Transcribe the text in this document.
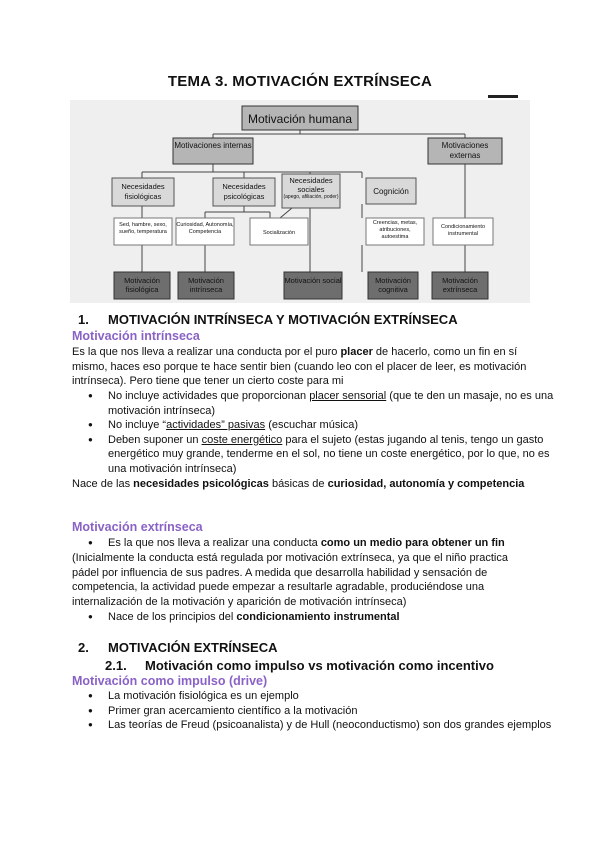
TEMA 3. MOTIVACIÓN EXTRÍNSECA
Motivación humana
Motivaciones internas	Motivaciones externas
Necesidades fisiológicas
Necesidades psicológicas
Necesidades sociales
(apego, afiliación, poder)
Cognición
Sed, hambre, sexo, sueño, temperatura
Curiosidad, Autonomía, Competencia	Socialización
Creencias, metas, atribuciones, autoestima
Condicionamiento instrumental
Motivación fisiológica
Motivación intrínseca
Motivación social	Motivación cognitiva
Motivación extrínseca
1. MOTIVACIÓN INTRÍNSECA Y MOTIVACIÓN EXTRÍNSECA
Motivación intrínseca
Es la que nos lleva a realizar una conducta por el puro placer de hacerlo, como un fin en sí mismo, haces eso porque te hace sentir bien (cuando leo con el placer de leer, es motivación intrínseca). Pero tiene que tener un cierto coste para mi
● No incluye actividades que proporcionan placer sensorial (que te den un masaje, no es una motivación intrínseca)
● No incluye “actividades” pasivas (escuchar música)
● Deben suponer un coste energético para el sujeto (estas jugando al tenis, tengo un gasto energético muy grande, tenderme en el sol, no tiene un coste energético, por lo que, no es una motivación intrínseca)
Nace de las necesidades psicológicas básicas de curiosidad, autonomía y competencia
Motivación extrínseca
● Es la que nos lleva a realizar una conducta como un medio para obtener un fin
(Inicialmente la conducta está regulada por motivación extrínseca, ya que el niño practica pádel por influencia de sus padres. A medida que desarrolla habilidad y sensación de competencia, la actividad puede empezar a resultarle agradable, produciéndose una internalización de la motivación y aparición de motivación intrínseca)
● Nace de los principios del condicionamiento instrumental
2. MOTIVACIÓN EXTRÍNSECA
2.1. Motivación como impulso vs motivación como incentivo
Motivación como impulso (drive)
● La motivación fisiológica es un ejemplo
● Primer gran acercamiento científico a la motivación
● Las teorías de Freud (psicoanalista) y de Hull (neoconductismo) son dos grandes ejemplos
